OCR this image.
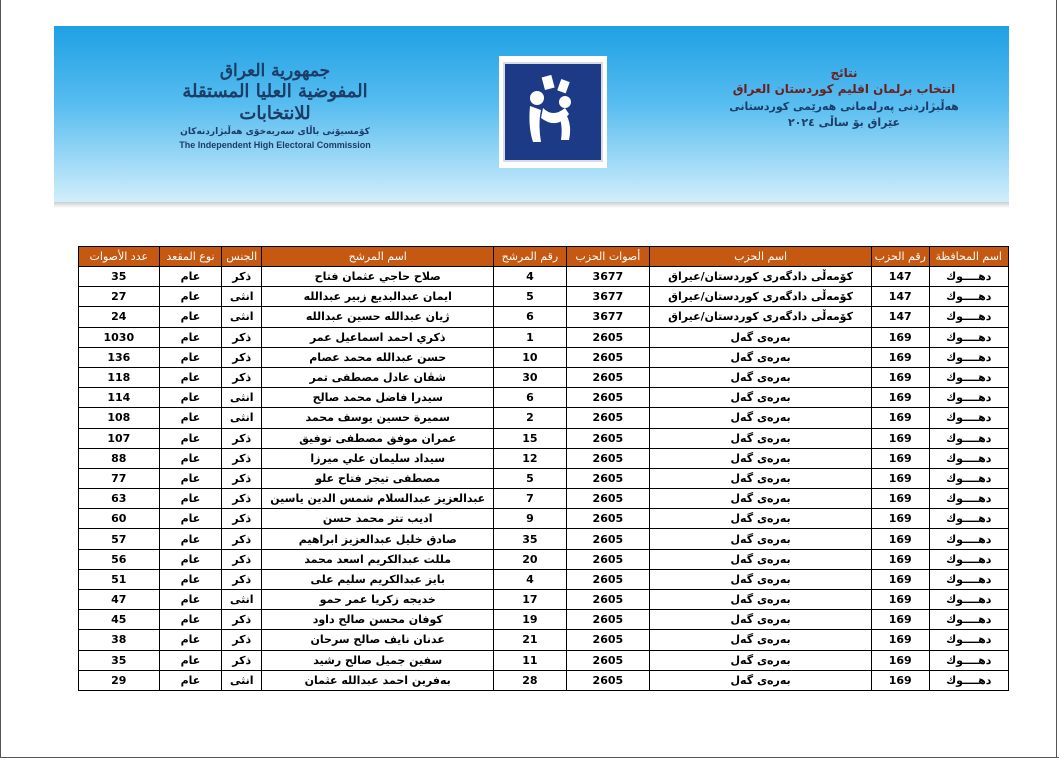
جمهورية العراق
المفوضية العليا المستقلة للانتخابات
کۆمسیۆنی باڵای سەربەخۆی هەڵبژاردنەکان
The Independent High Electoral Commission
نتائج
انتخاب برلمان اقليم كوردستان العراق
هەڵبژاردنی پەرلەمانی هەرێمی کوردستانی
عێراق بۆ ساڵی ٢٠٢٤
اسم المحافظة	رقم الحزب	اسم الحزب	أصوات الحزب	رقم المرشح	اسم المرشح	الجنس	نوع المقعد	عدد الأصوات
دهــــوك	147	کۆمەڵی دادگەری کوردستان/عیراق	3677	4	صلاح حاجي عثمان فتاح	ذكر	عام	35
دهــــوك	147	کۆمەڵی دادگەری کوردستان/عیراق	3677	5	ايمان عبدالبديع زبير عبدالله	انثى	عام	27
دهــــوك	147	کۆمەڵی دادگەری کوردستان/عیراق	3677	6	ژيان عبدالله حسين عبدالله	انثى	عام	24
دهــــوك	169	بەرەی گەل	2605	1	ذكري احمد اسماعيل عمر	ذكر	عام	1030
دهــــوك	169	بەرەی گەل	2605	10	حسن عبدالله محمد عصام	ذكر	عام	136
دهــــوك	169	بەرەی گەل	2605	30	شڤان عادل مصطفى تمر	ذكر	عام	118
دهــــوك	169	بەرەی گەل	2605	6	سيدرا فاضل محمد صالح	انثى	عام	114
دهــــوك	169	بەرەی گەل	2605	2	سميرة حسين يوسف محمد	انثى	عام	108
دهــــوك	169	بەرەی گەل	2605	15	عمران موفق مصطفى توفيق	ذكر	عام	107
دهــــوك	169	بەرەی گەل	2605	12	سيداد سليمان علي ميرزا	ذكر	عام	88
دهــــوك	169	بەرەی گەل	2605	5	مصطفى تيجر فتاح علو	ذكر	عام	77
دهــــوك	169	بەرەی گەل	2605	7	عبدالعزيز عبدالسلام شمس الدين ياسين	ذكر	عام	63
دهــــوك	169	بەرەی گەل	2605	9	اديب تتر محمد حسن	ذكر	عام	60
دهــــوك	169	بەرەی گەل	2605	35	صادق خليل عبدالعزيز ابراهيم	ذكر	عام	57
دهــــوك	169	بەرەی گەل	2605	20	مللت عبدالكريم اسعد محمد	ذكر	عام	56
دهــــوك	169	بەرەی گەل	2605	4	بايز عبدالكريم سليم على	ذكر	عام	51
دهــــوك	169	بەرەی گەل	2605	17	خديجه زكريا عمر حمو	انثى	عام	47
دهــــوك	169	بەرەی گەل	2605	19	كوفان محسن صالح داود	ذكر	عام	45
دهــــوك	169	بەرەی گەل	2605	21	عدنان نايف صالح سرحان	ذكر	عام	38
دهــــوك	169	بەرەی گەل	2605	11	سفين جميل صالح رشيد	ذكر	عام	35
دهــــوك	169	بەرەی گەل	2605	28	بەفرين احمد عبدالله عثمان	انثى	عام	29
